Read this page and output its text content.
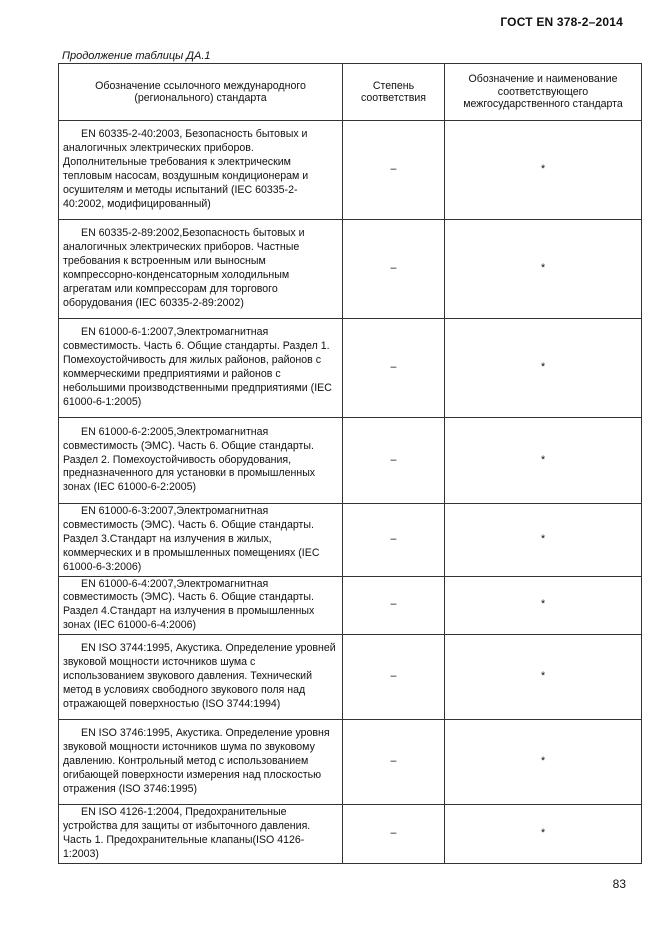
ГОСТ EN 378-2–2014
Продолжение таблицы ДА.1
Обозначение ссылочного международного (регионального) стандарта	Степень соответствия	Обозначение и наименование соответствующего межгосударственного стандарта
EN 60335-2-40:2003, Безопасность бытовых и аналогичных электрических приборов. Дополнительные требования к электрическим тепловым насосам, воздушным кондиционерам и осушителям и методы испытаний (IEC 60335-2-40:2002, модифицированный)	–	*
EN 60335-2-89:2002,Безопасность бытовых и аналогичных электрических приборов. Частные требования к встроенным или выносным компрессорно-конденсаторным холодильным агрегатам или компрессорам для торгового оборудования (IEC 60335-2-89:2002)	–	*
EN 61000-6-1:2007,Электромагнитная совместимость. Часть 6. Общие стандарты. Раздел 1. Помехоустойчивость для жилых районов, районов с коммерческими предприятиями и районов с небольшими производственными предприятиями (IEC 61000-6-1:2005)	–	*
EN 61000-6-2:2005,Электромагнитная совместимость (ЭМС). Часть 6. Общие стандарты. Раздел 2. Помехоустойчивость оборудования, предназначенного для установки в промышленных зонах (IEC 61000-6-2:2005)	–	*
EN 61000-6-3:2007,Электромагнитная совместимость (ЭМС). Часть 6. Общие стандарты. Раздел 3.Стандарт на излучения в жилых, коммерческих и в промышленных помещениях (IEC 61000-6-3:2006)	–	*
EN 61000-6-4:2007,Электромагнитная совместимость (ЭМС). Часть 6. Общие стандарты. Раздел 4.Стандарт на излучения в промышленных зонах (IEC 61000-6-4:2006)	–	*
EN ISO 3744:1995, Акустика. Определение уровней звуковой мощности источников шума с использованием звукового давления. Технический метод в условиях свободного звукового поля над отражающей поверхностью (ISO 3744:1994)	–	*
EN ISO 3746:1995, Акустика. Определение уровня звуковой мощности источников шума по звуковому давлению. Контрольный метод с использованием огибающей поверхности измерения над плоскостью отражения (ISO 3746:1995)	–	*
EN ISO 4126-1:2004, Предохранительные устройства для защиты от избыточного давления. Часть 1. Предохранительные клапаны(ISO 4126-1:2003)	–	*
83
